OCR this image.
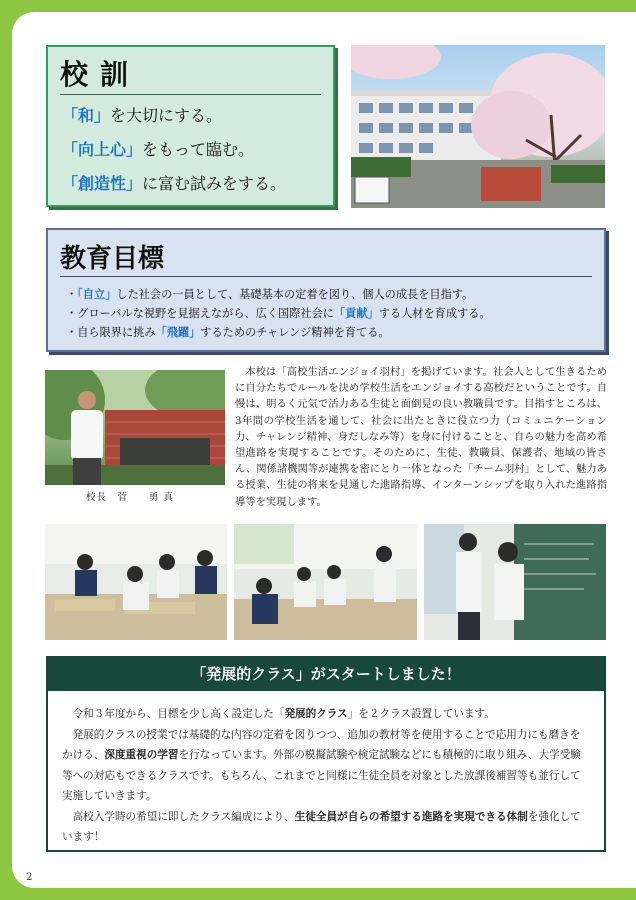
校訓
「和」を大切にする。
「向上心」をもって臨む。
「創造性」に富む試みをする。
教育目標
・「自立」した社会の一員として、基礎基本の定着を図り、個人の成長を目指す。
・グローバルな視野を見据えながら、広く国際社会に「貢献」する人材を育成する。
・自ら限界に挑み「飛躍」するためのチャレンジ精神を育てる。
校長　菅　　勇 真

本校は「高校生活エンジョイ羽村」を掲げています。社会人として生きるために自分たちでルールを決め学校生活をエンジョイする高校だということです。自慢は、明るく元気で活力ある生徒と面倒見の良い教職員です。目指すところは、3年間の学校生活を通して、社会に出たときに役立つ力（コミュニケーション力、チャレンジ精神、身だしなみ等）を身に付けることと、自らの魅力を高め希望進路を実現することです。そのために、生徒、教職員、保護者、地域の皆さん、関係諸機関等が連携を密にとり一体となった「チーム羽村」として、魅力ある授業、生徒の将来を見通した進路指導、インターンシップを取り入れた進路指導等を実現します。

「発展的クラス」がスタートしました！

令和３年度から、目標を少し高く設定した「発展的クラス」を２クラス設置しています。

発展的クラスの授業では基礎的な内容の定着を図りつつ、追加の教材等を使用することで応用力にも磨きをかける、深度重視の学習を行なっています。外部の模擬試験や検定試験などにも積極的に取り組み、大学受験等への対応もできるクラスです。もちろん、これまでと同様に生徒全員を対象とした放課後補習等も並行して実施していきます。

高校入学時の希望に即したクラス編成により、生徒全員が自らの希望する進路を実現できる体制を強化しています！

2
